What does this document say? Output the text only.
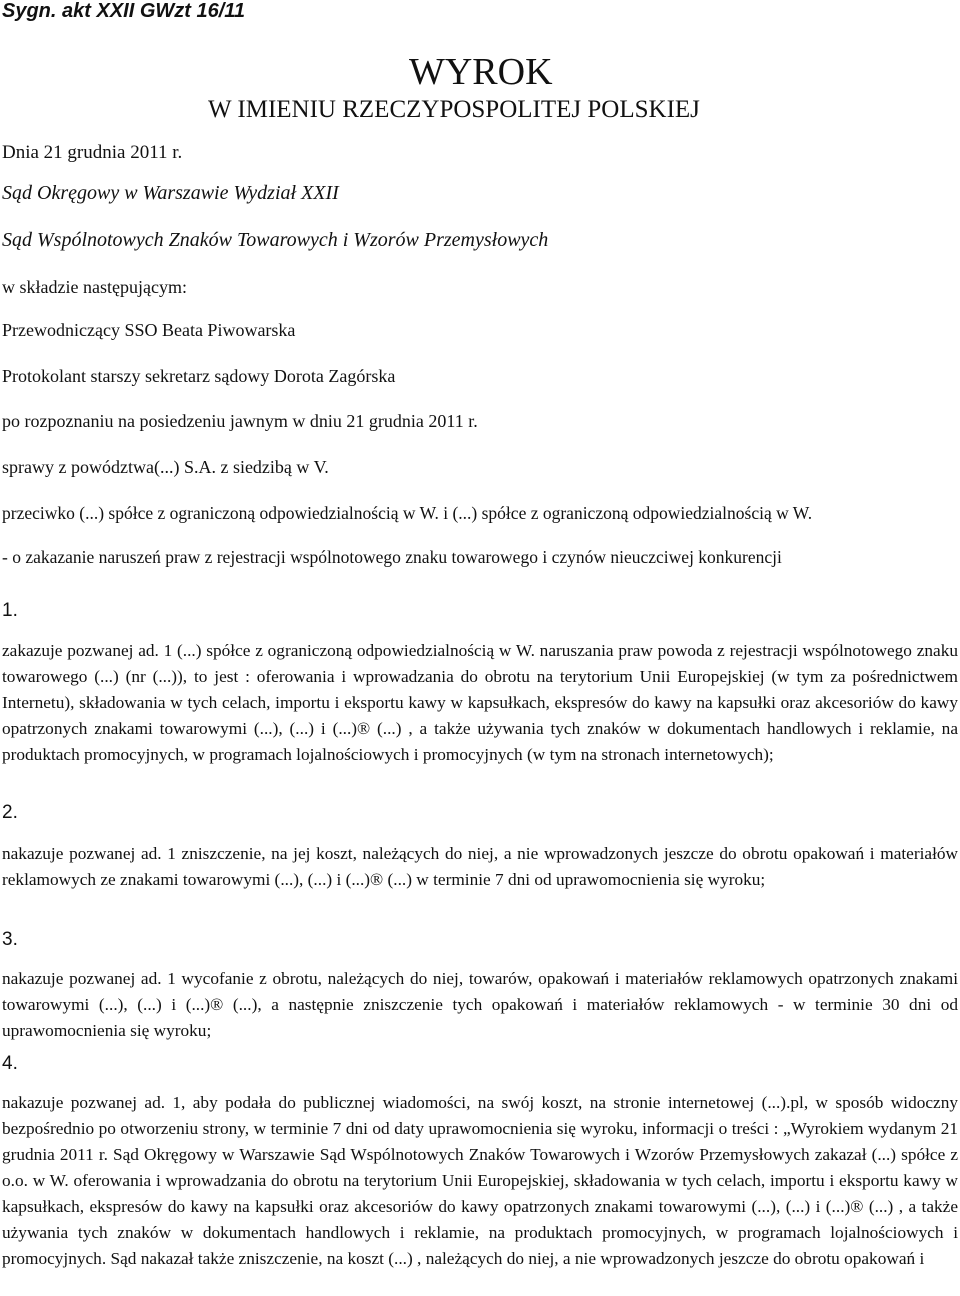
Sygn. akt XXII GWzt 16/11
WYROK
W IMIENIU RZECZYPOSPOLITEJ POLSKIEJ
Dnia 21 grudnia 2011 r.
Sąd Okręgowy w Warszawie Wydział XXII
Sąd Wspólnotowych Znaków Towarowych i Wzorów Przemysłowych
w składzie następującym:
Przewodniczący SSO Beata Piwowarska
Protokolant starszy sekretarz sądowy Dorota Zagórska
po rozpoznaniu na posiedzeniu jawnym w dniu 21 grudnia 2011 r.
sprawy z powództwa(...) S.A. z siedzibą w V.
przeciwko (...) spółce z ograniczoną odpowiedzialnością w W. i (...) spółce z ograniczoną odpowiedzialnością w W.
- o zakazanie naruszeń praw z rejestracji wspólnotowego znaku towarowego i czynów nieuczciwej konkurencji
1.
zakazuje pozwanej ad. 1 (...) spółce z ograniczoną odpowiedzialnością w W. naruszania praw powoda z rejestracji wspólnotowego znaku towarowego (...) (nr (...)), to jest : oferowania i wprowadzania do obrotu na terytorium Unii Europejskiej (w tym za pośrednictwem Internetu), składowania w tych celach, importu i eksportu kawy w kapsułkach, ekspresów do kawy na kapsułki oraz akcesoriów do kawy opatrzonych znakami towarowymi (...), (...) i (...)® (...) , a także używania tych znaków w dokumentach handlowych i reklamie, na produktach promocyjnych, w programach lojalnościowych i promocyjnych (w tym na stronach internetowych);
2.
nakazuje pozwanej ad. 1 zniszczenie, na jej koszt, należących do niej, a nie wprowadzonych jeszcze do obrotu opakowań i materiałów reklamowych ze znakami towarowymi (...), (...) i (...)® (...) w terminie 7 dni od uprawomocnienia się wyroku;
3.
nakazuje pozwanej ad. 1 wycofanie z obrotu, należących do niej, towarów, opakowań i materiałów reklamowych opatrzonych znakami towarowymi (...), (...) i (...)® (...), a następnie zniszczenie tych opakowań i materiałów reklamowych - w terminie 30 dni od uprawomocnienia się wyroku;
4.
nakazuje pozwanej ad. 1, aby podała do publicznej wiadomości, na swój koszt, na stronie internetowej (...).pl, w sposób widoczny bezpośrednio po otworzeniu strony, w terminie 7 dni od daty uprawomocnienia się wyroku, informacji o treści : „Wyrokiem wydanym 21 grudnia 2011 r. Sąd Okręgowy w Warszawie Sąd Wspólnotowych Znaków Towarowych i Wzorów Przemysłowych zakazał (...) spółce z o.o. w W. oferowania i wprowadzania do obrotu na terytorium Unii Europejskiej, składowania w tych celach, importu i eksportu kawy w kapsułkach, ekspresów do kawy na kapsułki oraz akcesoriów do kawy opatrzonych znakami towarowymi (...), (...) i (...)® (...) , a także używania tych znaków w dokumentach handlowych i reklamie, na produktach promocyjnych, w programach lojalnościowych i promocyjnych. Sąd nakazał także zniszczenie, na koszt (...) , należących do niej, a nie wprowadzonych jeszcze do obrotu opakowań i
